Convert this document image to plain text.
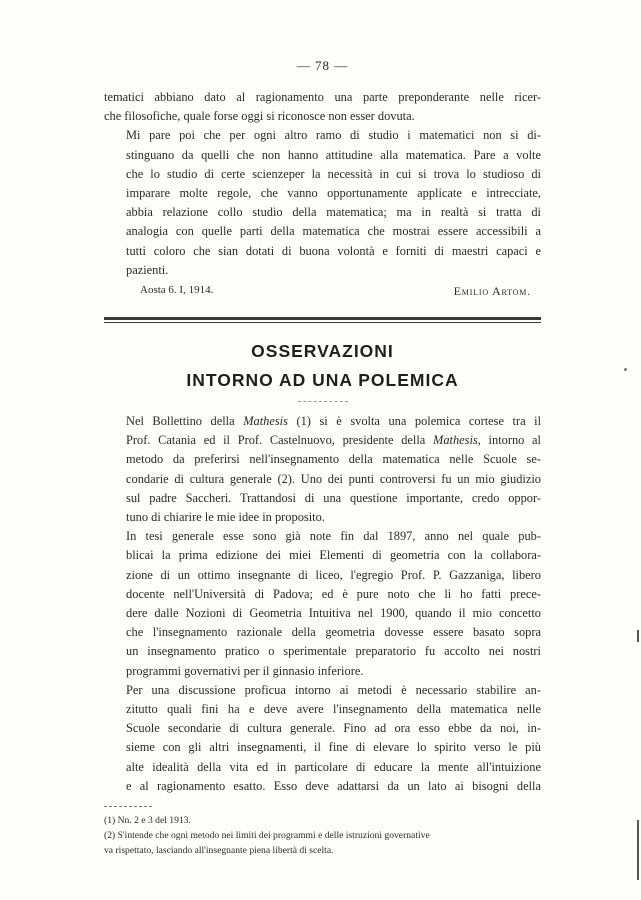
— 78 —

tematici abbiano dato al ragionamento una parte preponderante nelle ricer-
che filosofiche, quale forse oggi si riconosce non esser dovuta.

Mi pare poi che per ogni altro ramo di studio i matematici non si di-
stinguano da quelli che non hanno attitudine alla matematica. Pare a volte
che lo studio di certe scienzeper la necessità in cui si trova lo studioso di
imparare molte regole, che vanno opportunamente applicate e intrecciate,
abbia relazione collo studio della matematica; ma in realtà si tratta di
analogia con quelle parti della matematica che mostrai essere accessibili a
tutti coloro che sian dotati di buona volontà e forniti di maestri capaci e
pazienti.

Aosta 6. I, 1914.	Emilio Artom.
OSSERVAZIONI
INTORNO AD UNA POLEMICA

Nel Bollettino della Mathesis (1) si è svolta una polemica cortese tra il
Prof. Catania ed il Prof. Castelnuovo, presidente della Mathesis, intorno al
metodo da preferirsi nell'insegnamento della matematica nelle Scuole se-
condarie di cultura generale (2). Uno dei punti controversi fu un mio giudizio
sul padre Saccheri. Trattandosi di una questione importante, credo oppor-
tuno di chiarire le mie idee in proposito.

In tesi generale esse sono già note fin dal 1897, anno nel quale pub-
blicai la prima edizione dei miei Elementi di geometria con la collabora-
zione di un ottimo insegnante di liceo, l'egregio Prof. P. Gazzaniga, libero
docente nell'Università di Padova; ed è pure noto che li ho fatti prece-
dere dalle Nozioni di Geometria Intuitiva nel 1900, quando il mio concetto
che l'insegnamento razionale della geometria dovesse essere basato sopra
un insegnamento pratico o sperimentale preparatorio fu accolto nei nostri
programmi governativi per il ginnasio inferiore.

Per una discussione proficua intorno ai metodi è necessario stabilire an-
zitutto quali fini ha e deve avere l'insegnamento della matematica nelle
Scuole secondarie di cultura generale. Fino ad ora esso ebbe da noi, in-
sieme con gli altri insegnamenti, il fine di elevare lo spirito verso le più
alte idealità della vita ed in particolare di educare la mente all'intuizione
e al ragionamento esatto. Esso deve adattarsi da un lato ai bisogni della

(1) Nn. 2 e 3 del 1913.

(2) S'intende che ogni metodo nei limiti dei programmi e delle istruzioni governative
va rispettato, lasciando all'insegnante piena libertà di scelta.
